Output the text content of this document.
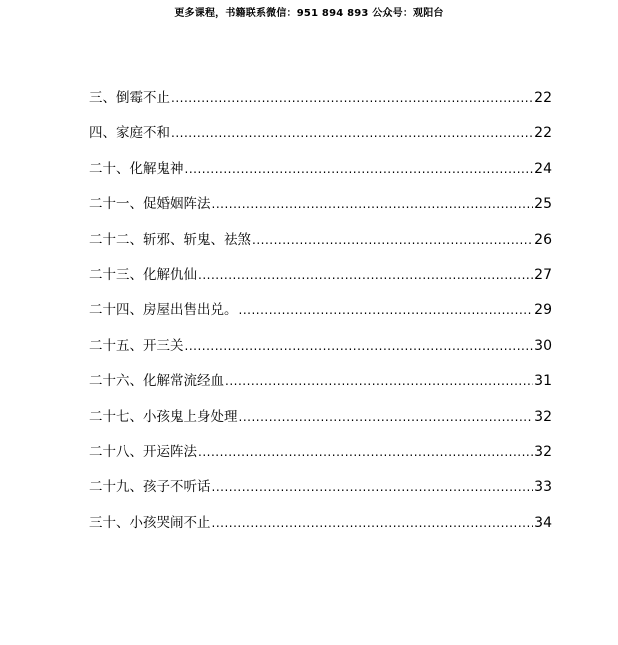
更多课程，书籍联系微信：951 894 893 公众号：观阳台
三、倒霉不止 .....	22
四、家庭不和 .....	22
二十、化解鬼神 .....	24
二十一、促婚姻阵法 .....	25
二十二、斩邪、斩鬼、祛煞 .....	26
二十三、化解仇仙 .....	27
二十四、房屋出售出兑。 .....	29
二十五、开三关 .....	30
二十六、化解常流经血 .....	31
二十七、小孩鬼上身处理 .....	32
二十八、开运阵法 .....	32
二十九、孩子不听话 .....	33
三十、小孩哭闹不止 .....	34
